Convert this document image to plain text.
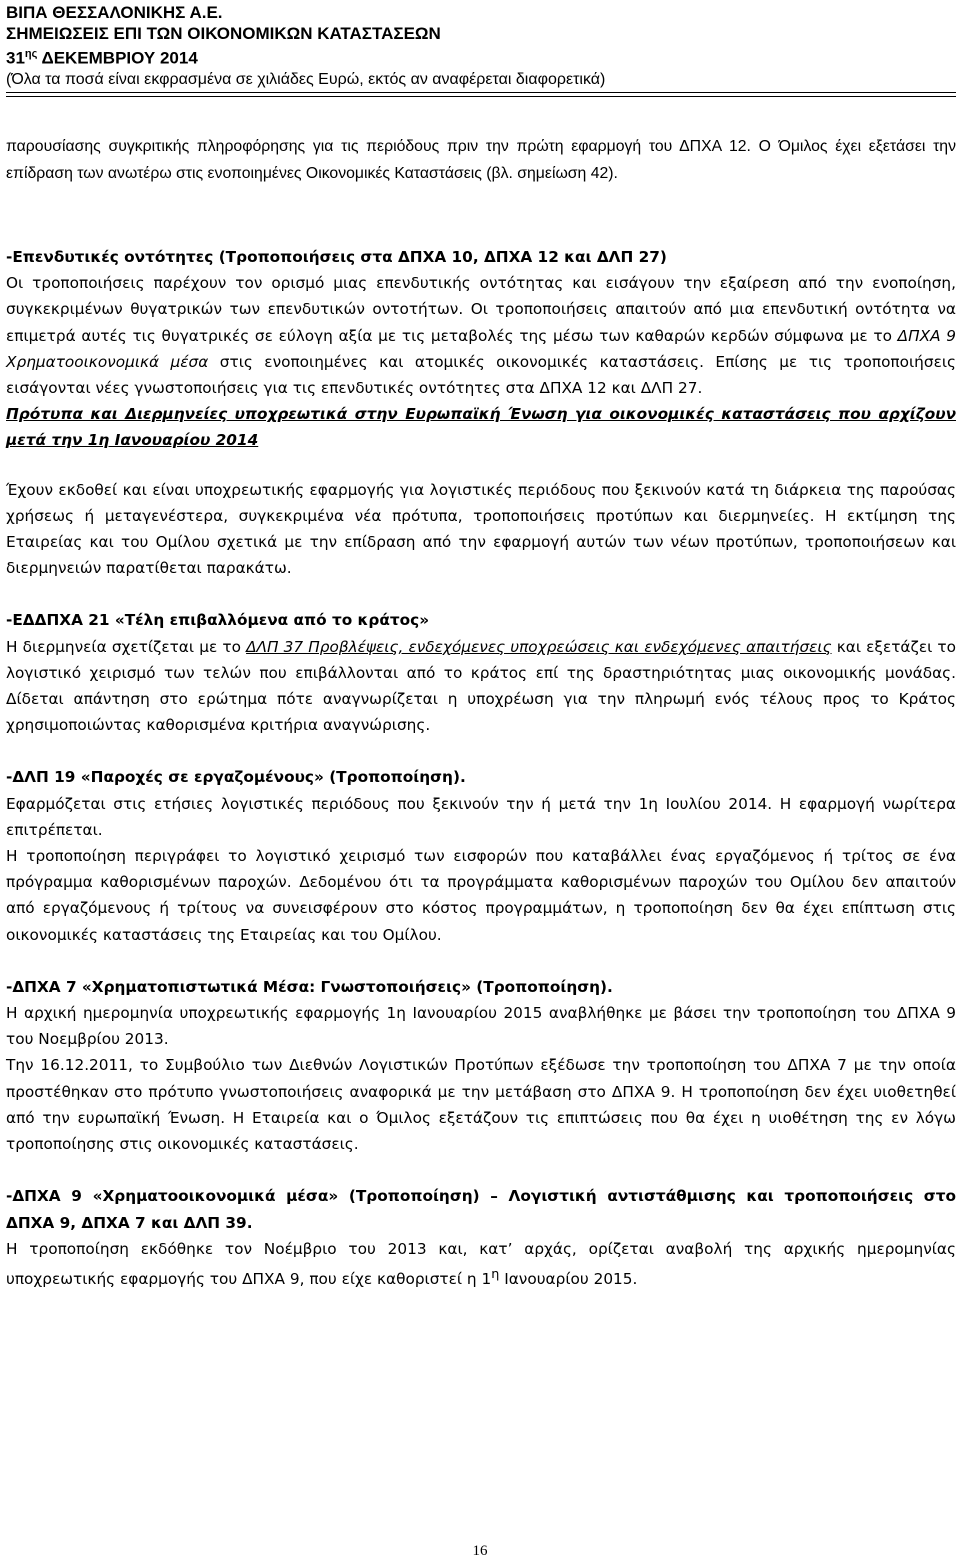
ΒΙΠΑ ΘΕΣΣΑΛΟΝΙΚΗΣ Α.Ε.
ΣΗΜΕΙΩΣΕΙΣ ΕΠΙ ΤΩΝ ΟΙΚΟΝΟΜΙΚΩΝ ΚΑΤΑΣΤΑΣΕΩΝ
$31^{\eta\varsigma}$ ΔΕΚΕΜΒΡΙΟΥ 2014
(Όλα τα ποσά είναι εκφρασμένα σε χιλιάδες Ευρώ, εκτός αν αναφέρεται διαφορετικά)

παρουσίασης συγκριτικής πληροφόρησης για τις περιόδους πριν την πρώτη εφαρμογή του ΔΠΧΑ 12. Ο Όμιλος έχει εξετάσει την επίδραση των ανωτέρω στις ενοποιημένες Οικονομικές Καταστάσεις (βλ. σημείωση 42).

-Επενδυτικές οντότητες (Τροποποιήσεις στα ΔΠΧΑ 10, ΔΠΧΑ 12 και ΔΛΠ 27)

Οι τροποποιήσεις παρέχουν τον ορισμό μιας επενδυτικής οντότητας και εισάγουν την εξαίρεση από την ενοποίηση, συγκεκριμένων θυγατρικών των επενδυτικών οντοτήτων. Οι τροποποιήσεις απαιτούν από μια επενδυτική οντότητα να επιμετρά αυτές τις θυγατρικές σε εύλογη αξία με τις μεταβολές της μέσω των καθαρών κερδών σύμφωνα με το ΔΠΧΑ 9 Χρηματοοικονομικά μέσα στις ενοποιημένες και ατομικές οικονομικές καταστάσεις. Επίσης με τις τροποποιήσεις εισάγονται νέες γνωστοποιήσεις για τις επενδυτικές οντότητες στα ΔΠΧΑ 12 και ΔΛΠ 27.

Πρότυπα και Διερμηνείες υποχρεωτικά στην Ευρωπαϊκή Ένωση για οικονομικές καταστάσεις που αρχίζουν μετά την 1η Ιανουαρίου 2014

Έχουν εκδοθεί και είναι υποχρεωτικής εφαρμογής για λογιστικές περιόδους που ξεκινούν κατά τη διάρκεια της παρούσας χρήσεως ή μεταγενέστερα, συγκεκριμένα νέα πρότυπα, τροποποιήσεις προτύπων και διερμηνείες. Η εκτίμηση της Εταιρείας και του Ομίλου σχετικά με την επίδραση από την εφαρμογή αυτών των νέων προτύπων, τροποποιήσεων και διερμηνειών παρατίθεται παρακάτω.

-ΕΔΔΠΧΑ 21 «Τέλη επιβαλλόμενα από το κράτος»

Η διερμηνεία σχετίζεται με το ΔΛΠ 37 Προβλέψεις, ενδεχόμενες υποχρεώσεις και ενδεχόμενες απαιτήσεις και εξετάζει το λογιστικό χειρισμό των τελών που επιβάλλονται από το κράτος επί της δραστηριότητας μιας οικονομικής μονάδας. Δίδεται απάντηση στο ερώτημα πότε αναγνωρίζεται η υποχρέωση για την πληρωμή ενός τέλους προς το Κράτος χρησιμοποιώντας καθορισμένα κριτήρια αναγνώρισης.

-ΔΛΠ 19 «Παροχές σε εργαζομένους» (Τροποποίηση).

Εφαρμόζεται στις ετήσιες λογιστικές περιόδους που ξεκινούν την ή μετά την 1η Ιουλίου 2014. Η εφαρμογή νωρίτερα επιτρέπεται.

Η τροποποίηση περιγράφει το λογιστικό χειρισμό των εισφορών που καταβάλλει ένας εργαζόμενος ή τρίτος σε ένα πρόγραμμα καθορισμένων παροχών. Δεδομένου ότι τα προγράμματα καθορισμένων παροχών του Ομίλου δεν απαιτούν από εργαζόμενους ή τρίτους να συνεισφέρουν στο κόστος προγραμμάτων, η τροποποίηση δεν θα έχει επίπτωση στις οικονομικές καταστάσεις της Εταιρείας και του Ομίλου.

-ΔΠΧΑ 7 «Χρηματοπιστωτικά Μέσα: Γνωστοποιήσεις» (Τροποποίηση).

Η αρχική ημερομηνία υποχρεωτικής εφαρμογής 1η Ιανουαρίου 2015 αναβλήθηκε με βάσει την τροποποίηση του ΔΠΧΑ 9 του Νοεμβρίου 2013.

Την 16.12.2011, το Συμβούλιο των Διεθνών Λογιστικών Προτύπων εξέδωσε την τροποποίηση του ΔΠΧΑ 7 με την οποία προστέθηκαν στο πρότυπο γνωστοποιήσεις αναφορικά με την μετάβαση στο ΔΠΧΑ 9. Η τροποποίηση δεν έχει υιοθετηθεί από την ευρωπαϊκή Ένωση. Η Εταιρεία και ο Όμιλος εξετάζουν τις επιπτώσεις που θα έχει η υιοθέτηση της εν λόγω τροποποίησης στις οικονομικές καταστάσεις.

-ΔΠΧΑ 9 «Χρηματοοικονομικά μέσα» (Τροποποίηση) – Λογιστική αντιστάθμισης και τροποποιήσεις στο ΔΠΧΑ 9, ΔΠΧΑ 7 και ΔΛΠ 39.

Η τροποποίηση εκδόθηκε τον Νοέμβριο του 2013 και, κατ’ αρχάς, ορίζεται αναβολή της αρχικής ημερομηνίας υποχρεωτικής εφαρμογής του ΔΠΧΑ 9, που είχε καθοριστεί η $1^\eta$ Ιανουαρίου 2015.

16
